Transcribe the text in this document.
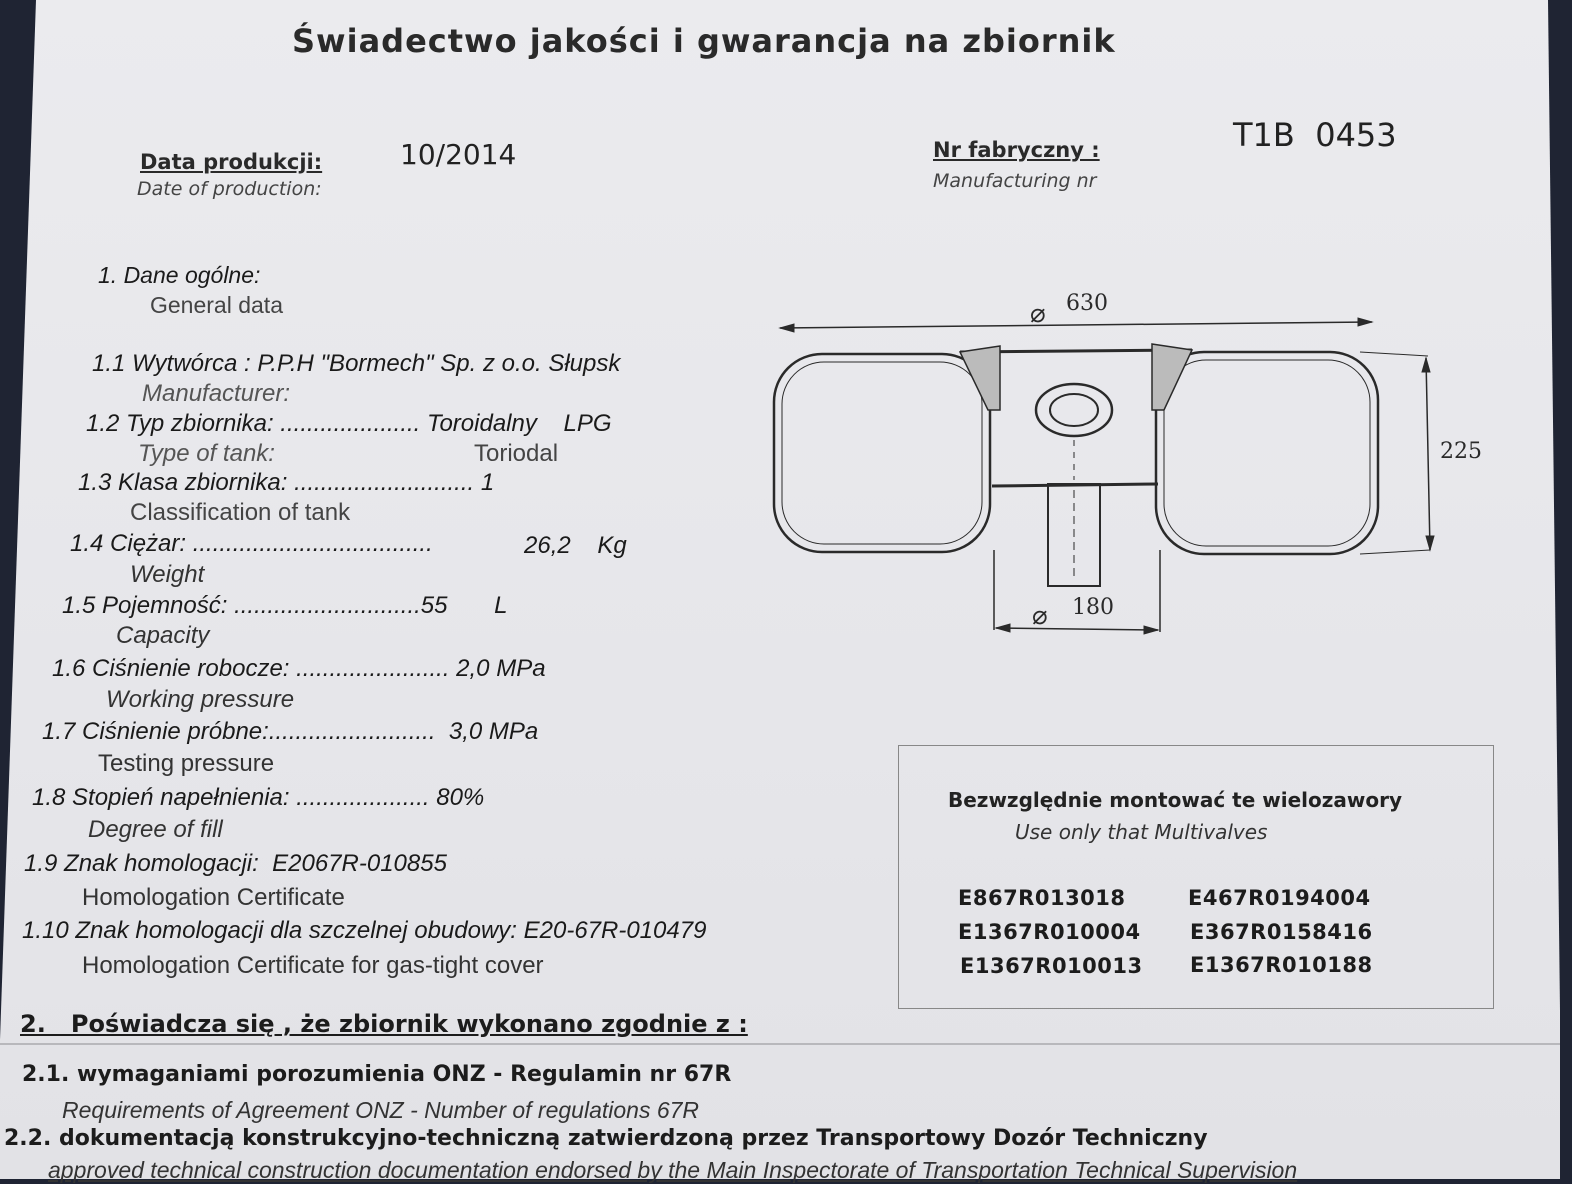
Świadectwo jakości i gwarancja na zbiornik
Data produkcji:
Date of production:
10/2014	Nr fabryczny :
Manufacturing nr
T1B  0453
1. Dane ogólne:
General data
1.1 Wytwórca : P.P.H "Bormech" Sp. z o.o. Słupsk
Manufacturer:
1.2 Typ zbiornika: ..................... Toroidalny    LPG
Type of tank:	Toriodal
1.3 Klasa zbiornika: ........................... 1
Classification of tank
1.4 Ciężar: ....................................	26,2    Kg
Weight
1.5 Pojemność: ............................55       L
Capacity
1.6 Ciśnienie robocze: ....................... 2,0 MPa
Working pressure
1.7 Ciśnienie próbne:.........................  3,0 MPa
Testing pressure
1.8 Stopień napełnienia: .................... 80%
Degree of fill
1.9 Znak homologacji:  E2067R-010855
Homologation Certificate
1.10 Znak homologacji dla szczelnej obudowy: E20-67R-010479
Homologation Certificate for gas-tight cover
⌀ 630
⌀ 180
225
Bezwzględnie montować te wielozawory
Use only that Multivalves
E867R013018	E467R0194004
E1367R010004 E367R0158416
E1367R010013 E1367R010188
2.   Poświadcza się , że zbiornik wykonano zgodnie z :
2.1. wymaganiami porozumienia ONZ - Regulamin nr 67R
Requirements of Agreement ONZ - Number of regulations 67R
2.2. dokumentacją konstrukcyjno-techniczną zatwierdzoną przez Transportowy Dozór Techniczny
approved technical construction documentation endorsed by the Main Inspectorate of Transportation Technical Supervision
